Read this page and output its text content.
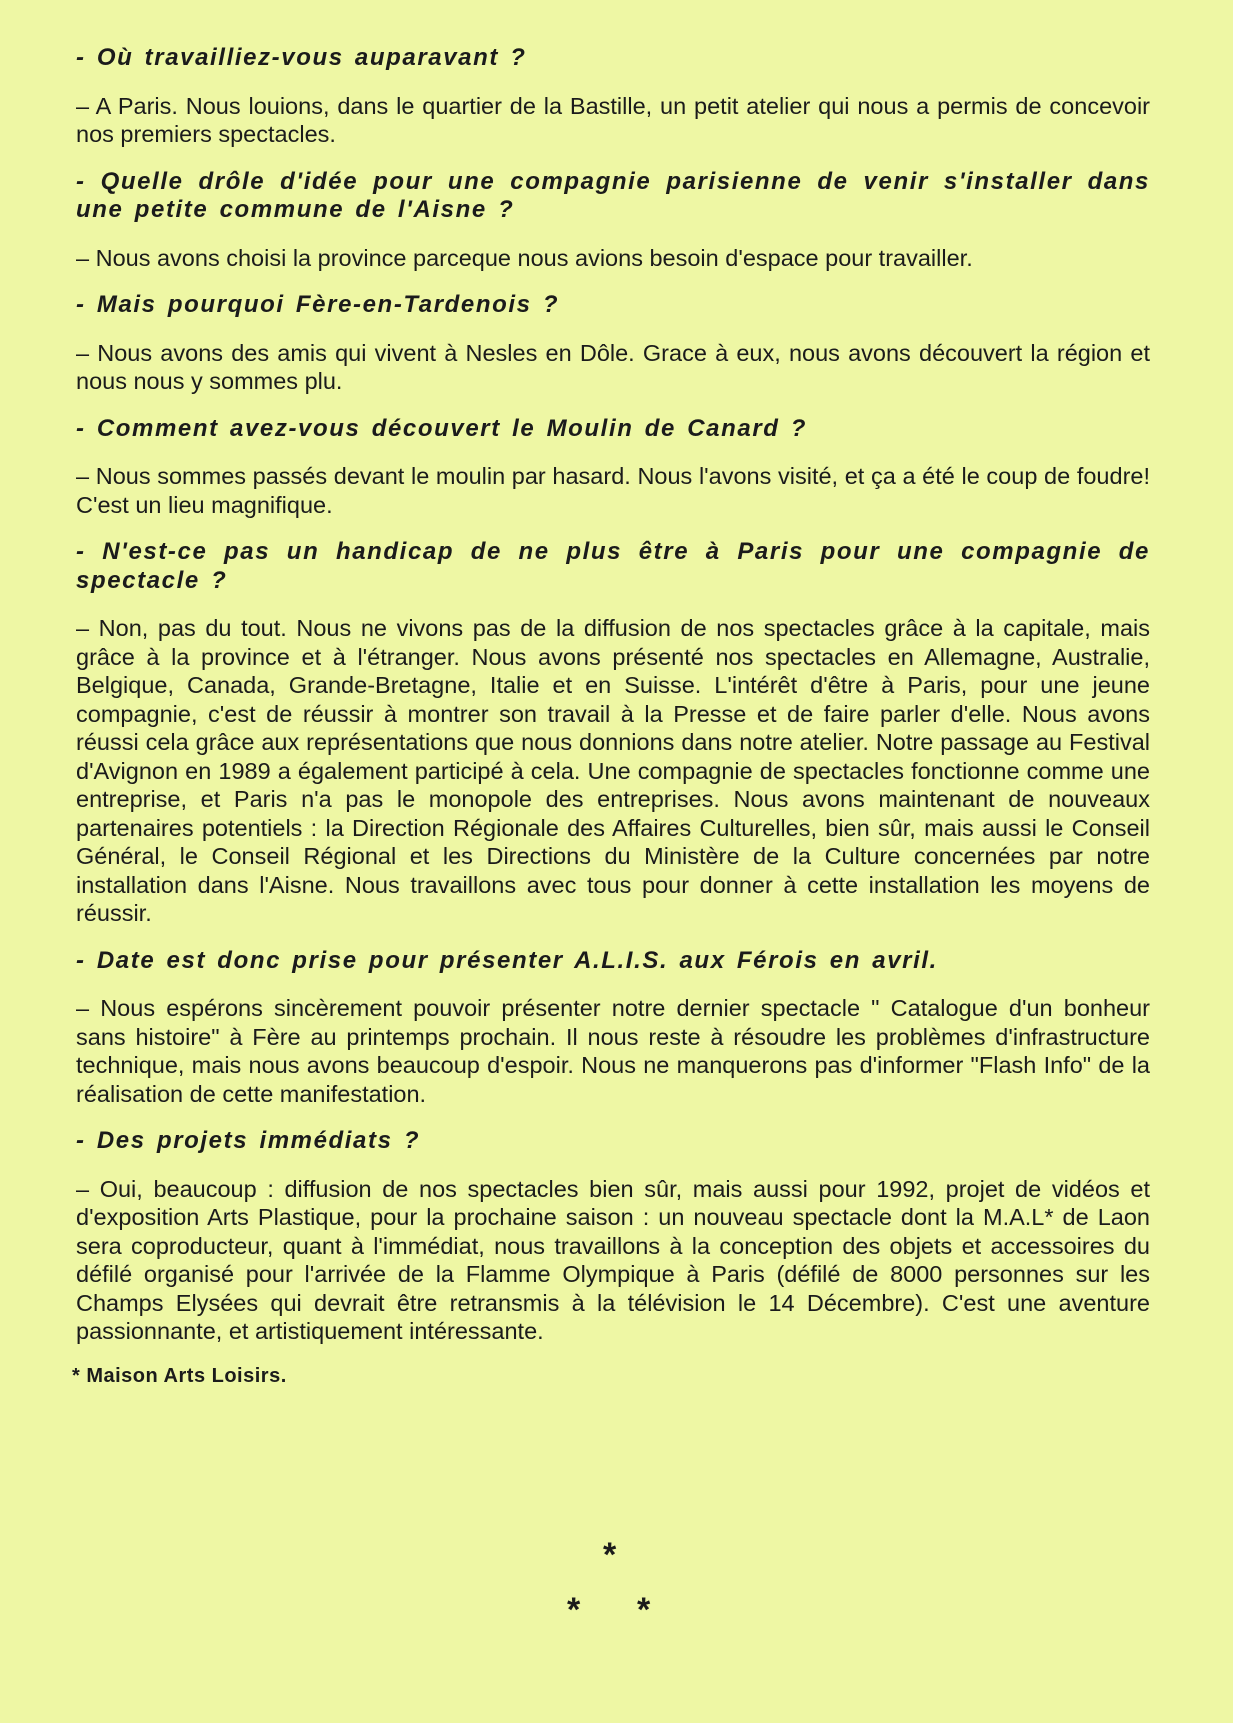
- Où travailliez-vous auparavant ?

– A Paris. Nous louions, dans le quartier de la Bastille, un petit atelier qui nous a permis de concevoir nos premiers spectacles.

- Quelle drôle d'idée pour une compagnie parisienne de venir s'installer dans une petite commune de l'Aisne ?

– Nous avons choisi la province parceque nous avions besoin d'espace pour travailler.

- Mais pourquoi Fère-en-Tardenois ?

– Nous avons des amis qui vivent à Nesles en Dôle. Grace à eux, nous avons découvert la région et nous nous y sommes plu.

- Comment avez-vous découvert le Moulin de Canard ?

– Nous sommes passés devant le moulin par hasard. Nous l'avons visité, et ça a été le coup de foudre! C'est un lieu magnifique.

- N'est-ce pas un handicap de ne plus être à Paris pour une compagnie de spectacle ?

– Non, pas du tout. Nous ne vivons pas de la diffusion de nos spectacles grâce à la capitale, mais grâce à la province et à l'étranger. Nous avons présenté nos spectacles en Allemagne, Australie, Belgique, Canada, Grande-Bretagne, Italie et en Suisse. L'intérêt d'être à Paris, pour une jeune compagnie, c'est de réussir à montrer son travail à la Presse et de faire parler d'elle. Nous avons réussi cela grâce aux représentations que nous donnions dans notre atelier. Notre passage au Festival d'Avignon en 1989 a également participé à cela. Une compagnie de spectacles fonctionne comme une entreprise, et Paris n'a pas le monopole des entreprises. Nous avons maintenant de nouveaux partenaires potentiels : la Direction Régionale des Affaires Culturelles, bien sûr, mais aussi le Conseil Général, le Conseil Régional et les Directions du Ministère de la Culture concernées par notre installation dans l'Aisne. Nous travaillons avec tous pour donner à cette installation les moyens de réussir.

- Date est donc prise pour présenter A.L.I.S. aux Férois en avril.

– Nous espérons sincèrement pouvoir présenter notre dernier spectacle " Catalogue d'un bonheur sans histoire" à Fère au printemps prochain. Il nous reste à résoudre les problèmes d'infrastructure technique, mais nous avons beaucoup d'espoir. Nous ne manquerons pas d'informer "Flash Info" de la réalisation de cette manifestation.

- Des projets immédiats ?

– Oui, beaucoup : diffusion de nos spectacles bien sûr, mais aussi pour 1992, projet de vidéos et d'exposition Arts Plastique, pour la prochaine saison : un nouveau spectacle dont la M.A.L* de Laon sera coproducteur, quant à l'immédiat, nous travaillons à la conception des objets et accessoires du défilé organisé pour l'arrivée de la Flamme Olympique à Paris (défilé de 8000 personnes sur les Champs Elysées qui devrait être retransmis à la télévision le 14 Décembre). C'est une aventure passionnante, et artistiquement intéressante.

* Maison Arts Loisirs.

*
* *
